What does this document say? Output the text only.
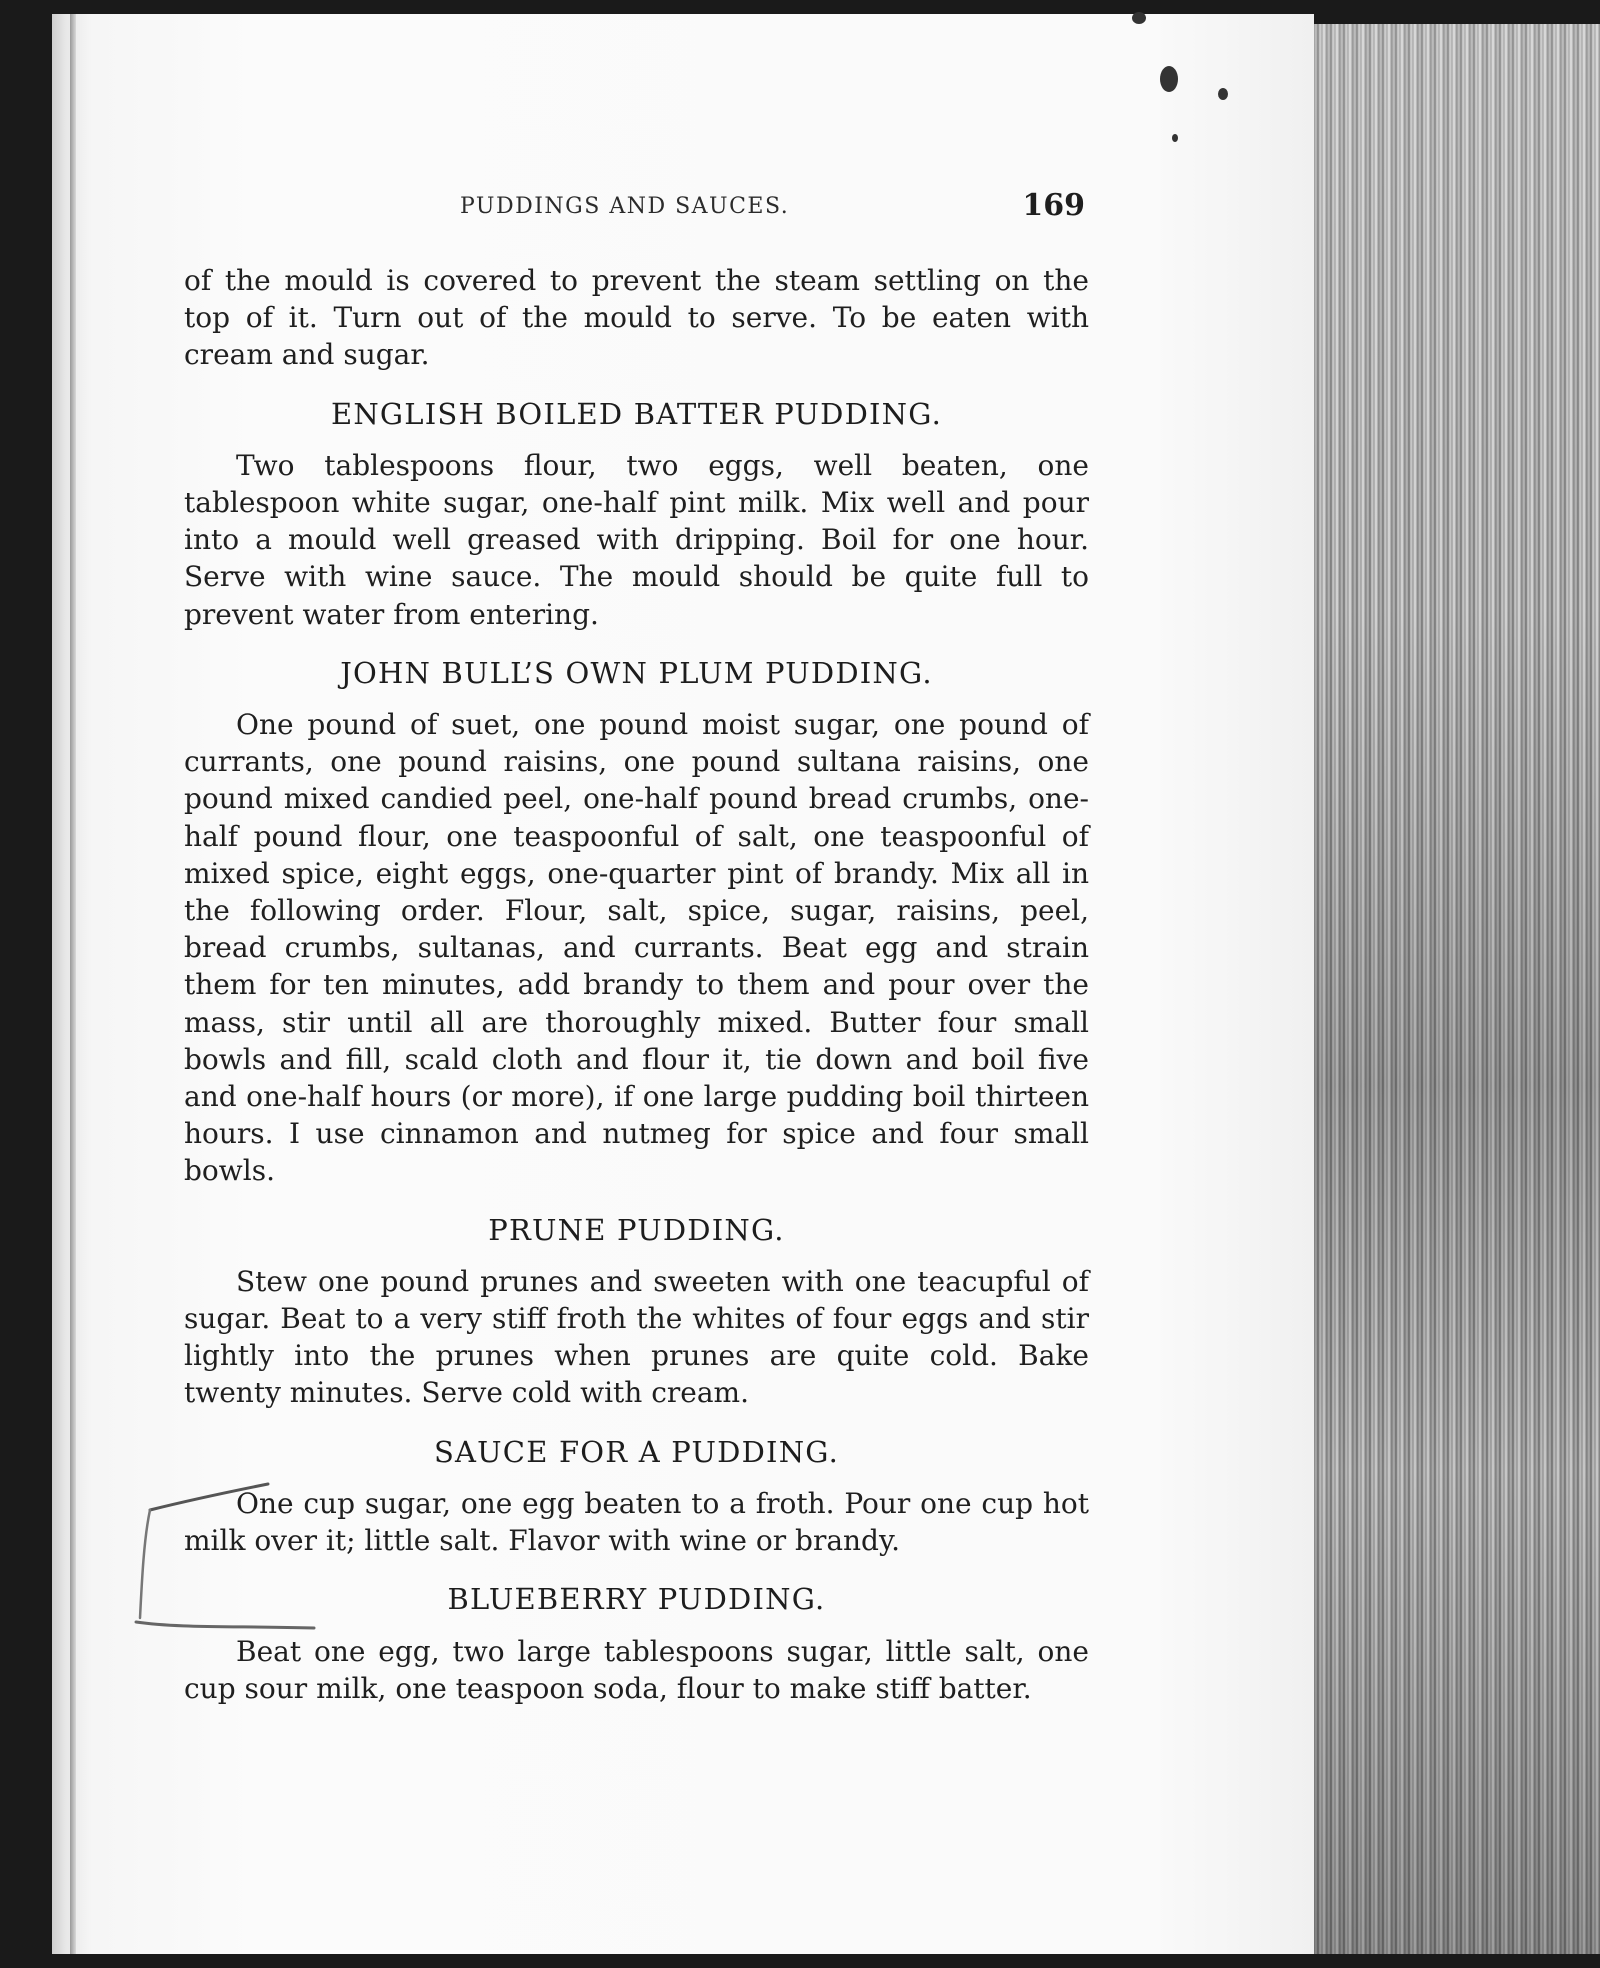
PUDDINGS AND SAUCES.	169

of the mould is covered to prevent the steam settling on the top of it. Turn out of the mould to serve. To be eaten with cream and sugar.

ENGLISH BOILED BATTER PUDDING.

Two tablespoons flour, two eggs, well beaten, one tablespoon white sugar, one-half pint milk. Mix well and pour into a mould well greased with dripping. Boil for one hour. Serve with wine sauce. The mould should be quite full to prevent water from entering.

JOHN BULL’S OWN PLUM PUDDING.

One pound of suet, one pound moist sugar, one pound of currants, one pound raisins, one pound sultana raisins, one pound mixed candied peel, one-half pound bread crumbs, one-half pound flour, one teaspoonful of salt, one teaspoonful of mixed spice, eight eggs, one-quarter pint of brandy. Mix all in the following order. Flour, salt, spice, sugar, raisins, peel, bread crumbs, sultanas, and currants. Beat egg and strain them for ten minutes, add brandy to them and pour over the mass, stir until all are thoroughly mixed. Butter four small bowls and fill, scald cloth and flour it, tie down and boil five and one-half hours (or more), if one large pudding boil thirteen hours. I use cinnamon and nutmeg for spice and four small bowls.

PRUNE PUDDING.

Stew one pound prunes and sweeten with one teacupful of sugar. Beat to a very stiff froth the whites of four eggs and stir lightly into the prunes when prunes are quite cold. Bake twenty minutes. Serve cold with cream.

SAUCE FOR A PUDDING.

One cup sugar, one egg beaten to a froth. Pour one cup hot milk over it; little salt. Flavor with wine or brandy.

BLUEBERRY PUDDING.

Beat one egg, two large tablespoons sugar, little salt, one cup sour milk, one teaspoon soda, flour to make stiff batter.
